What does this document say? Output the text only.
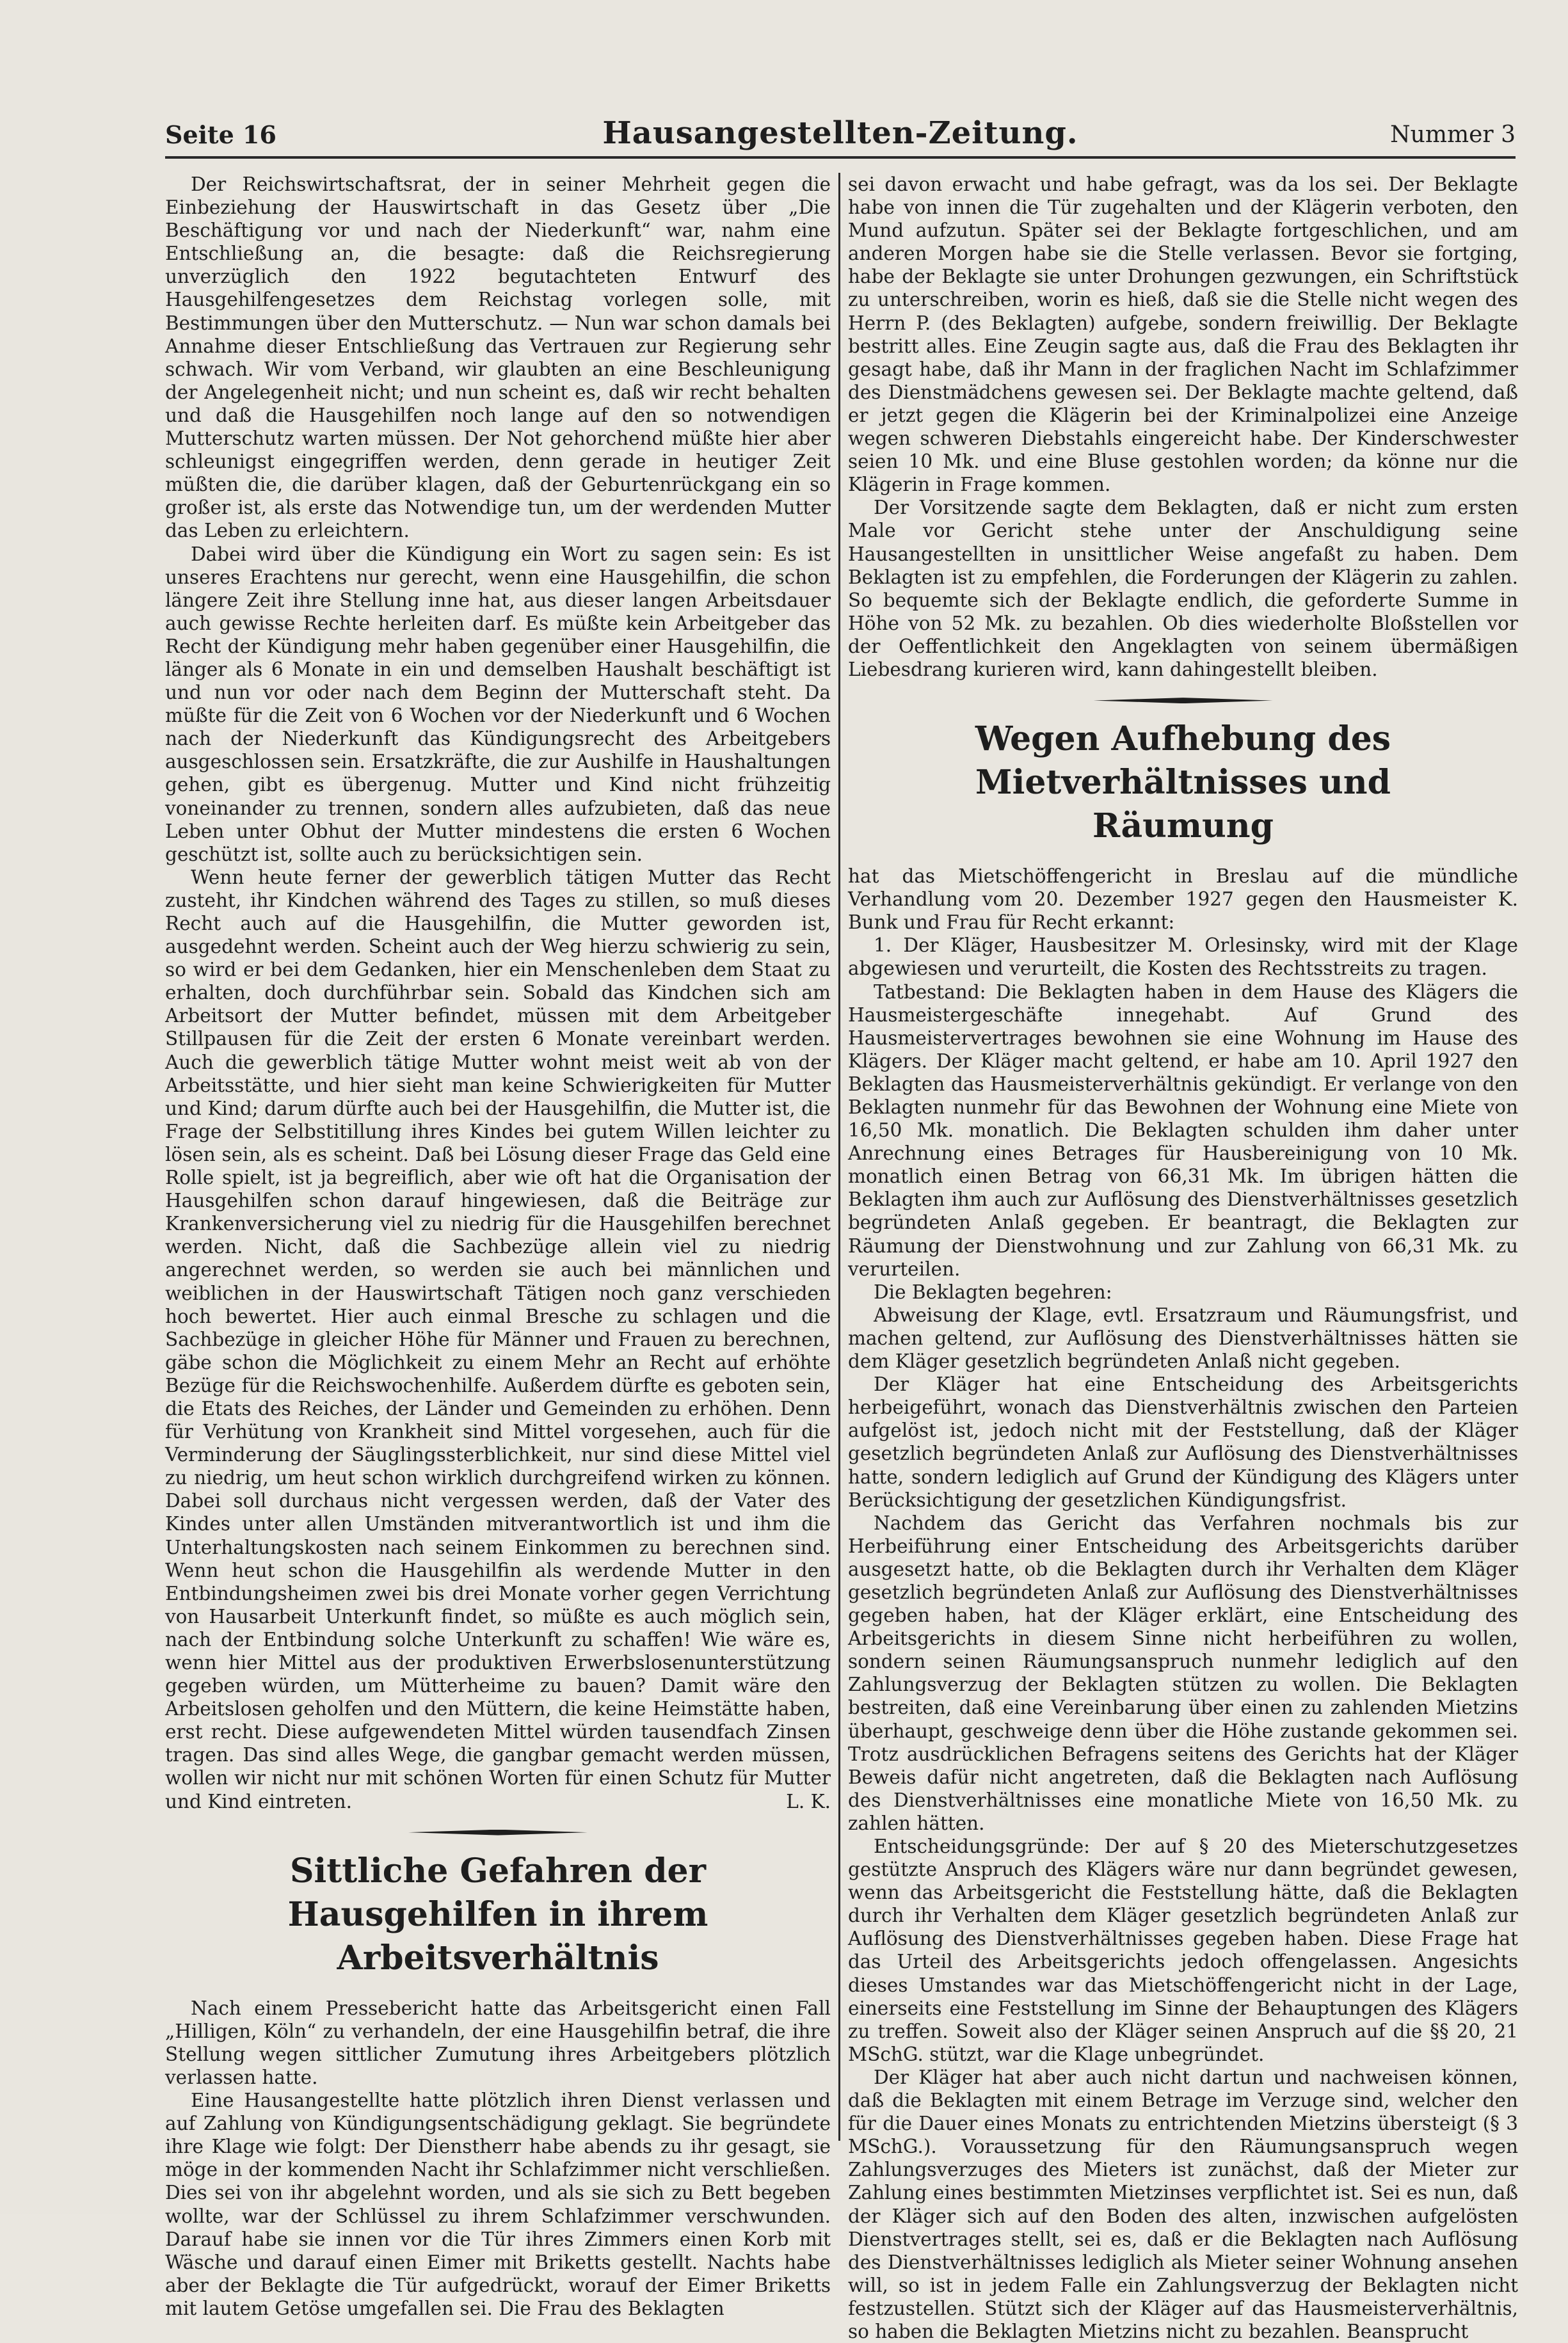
Seite 16	Hausangestellten-Zeitung.	Nummer 3

Der Reichswirtschaftsrat, der in seiner Mehrheit gegen die Einbeziehung der Hauswirtschaft in das Gesetz über „Die Beschäftigung vor und nach der Niederkunft“ war, nahm eine Entschließung an, die besagte: daß die Reichsregierung unverzüglich den 1922 begutachteten Entwurf des Hausgehilfengesetzes dem Reichstag vorlegen solle, mit Bestimmungen über den Mutterschutz. — Nun war schon damals bei Annahme dieser Entschließung das Vertrauen zur Regierung sehr schwach. Wir vom Verband, wir glaubten an eine Beschleunigung der Angelegenheit nicht; und nun scheint es, daß wir recht behalten und daß die Hausgehilfen noch lange auf den so notwendigen Mutterschutz warten müssen. Der Not gehorchend müßte hier aber schleunigst eingegriffen werden, denn gerade in heutiger Zeit müßten die, die darüber klagen, daß der Geburtenrückgang ein so großer ist, als erste das Notwendige tun, um der werdenden Mutter das Leben zu erleichtern.

Dabei wird über die Kündigung ein Wort zu sagen sein: Es ist unseres Erachtens nur gerecht, wenn eine Hausgehilfin, die schon längere Zeit ihre Stellung inne hat, aus dieser langen Arbeitsdauer auch gewisse Rechte herleiten darf. Es müßte kein Arbeitgeber das Recht der Kündigung mehr haben gegenüber einer Hausgehilfin, die länger als 6 Monate in ein und demselben Haushalt beschäftigt ist und nun vor oder nach dem Beginn der Mutterschaft steht. Da müßte für die Zeit von 6 Wochen vor der Niederkunft und 6 Wochen nach der Niederkunft das Kündigungsrecht des Arbeitgebers ausgeschlossen sein. Ersatzkräfte, die zur Aushilfe in Haushaltungen gehen, gibt es übergenug. Mutter und Kind nicht frühzeitig voneinander zu trennen, sondern alles aufzubieten, daß das neue Leben unter Obhut der Mutter mindestens die ersten 6 Wochen geschützt ist, sollte auch zu berücksichtigen sein.

Wenn heute ferner der gewerblich tätigen Mutter das Recht zusteht, ihr Kindchen während des Tages zu stillen, so muß dieses Recht auch auf die Hausgehilfin, die Mutter geworden ist, ausgedehnt werden. Scheint auch der Weg hierzu schwierig zu sein, so wird er bei dem Gedanken, hier ein Menschenleben dem Staat zu erhalten, doch durchführbar sein. Sobald das Kindchen sich am Arbeitsort der Mutter befindet, müssen mit dem Arbeitgeber Stillpausen für die Zeit der ersten 6 Monate vereinbart werden. Auch die gewerblich tätige Mutter wohnt meist weit ab von der Arbeitsstätte, und hier sieht man keine Schwierigkeiten für Mutter und Kind; darum dürfte auch bei der Hausgehilfin, die Mutter ist, die Frage der Selbstitillung ihres Kindes bei gutem Willen leichter zu lösen sein, als es scheint. Daß bei Lösung dieser Frage das Geld eine Rolle spielt, ist ja begreiflich, aber wie oft hat die Organisation der Hausgehilfen schon darauf hingewiesen, daß die Beiträge zur Krankenversicherung viel zu niedrig für die Hausgehilfen berechnet werden. Nicht, daß die Sachbezüge allein viel zu niedrig angerechnet werden, so werden sie auch bei männlichen und weiblichen in der Hauswirtschaft Tätigen noch ganz verschieden hoch bewertet. Hier auch einmal Bresche zu schlagen und die Sachbezüge in gleicher Höhe für Männer und Frauen zu berechnen, gäbe schon die Möglichkeit zu einem Mehr an Recht auf erhöhte Bezüge für die Reichswochenhilfe. Außerdem dürfte es geboten sein, die Etats des Reiches, der Länder und Gemeinden zu erhöhen. Denn für Verhütung von Krankheit sind Mittel vorgesehen, auch für die Verminderung der Säuglingssterblichkeit, nur sind diese Mittel viel zu niedrig, um heut schon wirklich durchgreifend wirken zu können. Dabei soll durchaus nicht vergessen werden, daß der Vater des Kindes unter allen Umständen mitverantwortlich ist und ihm die Unterhaltungskosten nach seinem Einkommen zu berechnen sind. Wenn heut schon die Hausgehilfin als werdende Mutter in den Entbindungsheimen zwei bis drei Monate vorher gegen Verrichtung von Hausarbeit Unterkunft findet, so müßte es auch möglich sein, nach der Entbindung solche Unterkunft zu schaffen! Wie wäre es, wenn hier Mittel aus der produktiven Erwerbslosenunterstützung gegeben würden, um Mütterheime zu bauen? Damit wäre den Arbeitslosen geholfen und den Müttern, die keine Heimstätte haben, erst recht. Diese aufgewendeten Mittel würden tausendfach Zinsen tragen. Das sind alles Wege, die gangbar gemacht werden müssen, wollen wir nicht nur mit schönen Worten für einen Schutz für Mutter und Kind eintreten.	L. K.

Sittliche Gefahren der Hausgehilfen in ihrem
Arbeitsverhältnis

Nach einem Pressebericht hatte das Arbeitsgericht einen Fall „Hilligen, Köln“ zu verhandeln, der eine Hausgehilfin betraf, die ihre Stellung wegen sittlicher Zumutung ihres Arbeitgebers plötzlich verlassen hatte.

Eine Hausangestellte hatte plötzlich ihren Dienst verlassen und auf Zahlung von Kündigungsentschädigung geklagt. Sie begründete ihre Klage wie folgt: Der Dienstherr habe abends zu ihr gesagt, sie möge in der kommenden Nacht ihr Schlafzimmer nicht verschließen. Dies sei von ihr abgelehnt worden, und als sie sich zu Bett begeben wollte, war der Schlüssel zu ihrem Schlafzimmer verschwunden. Darauf habe sie innen vor die Tür ihres Zimmers einen Korb mit Wäsche und darauf einen Eimer mit Briketts gestellt. Nachts habe aber der Beklagte die Tür aufgedrückt, worauf der Eimer Briketts mit lautem Getöse umgefallen sei. Die Frau des Beklagten

sei davon erwacht und habe gefragt, was da los sei. Der Beklagte habe von innen die Tür zugehalten und der Klägerin verboten, den Mund aufzutun. Später sei der Beklagte fortgeschlichen, und am anderen Morgen habe sie die Stelle verlassen. Bevor sie fortging, habe der Beklagte sie unter Drohungen gezwungen, ein Schriftstück zu unterschreiben, worin es hieß, daß sie die Stelle nicht wegen des Herrn P. (des Beklagten) aufgebe, sondern freiwillig. Der Beklagte bestritt alles. Eine Zeugin sagte aus, daß die Frau des Beklagten ihr gesagt habe, daß ihr Mann in der fraglichen Nacht im Schlafzimmer des Dienstmädchens gewesen sei. Der Beklagte machte geltend, daß er jetzt gegen die Klägerin bei der Kriminalpolizei eine Anzeige wegen schweren Diebstahls eingereicht habe. Der Kinderschwester seien 10 Mk. und eine Bluse gestohlen worden; da könne nur die Klägerin in Frage kommen.

Der Vorsitzende sagte dem Beklagten, daß er nicht zum ersten Male vor Gericht stehe unter der Anschuldigung seine Hausangestellten in unsittlicher Weise angefaßt zu haben. Dem Beklagten ist zu empfehlen, die Forderungen der Klägerin zu zahlen. So bequemte sich der Beklagte endlich, die geforderte Summe in Höhe von 52 Mk. zu bezahlen. Ob dies wiederholte Bloßstellen vor der Oeffentlichkeit den Angeklagten von seinem übermäßigen Liebesdrang kurieren wird, kann dahingestellt bleiben.

Wegen Aufhebung des Mietverhältnisses und
Räumung

hat das Mietschöffengericht in Breslau auf die mündliche Verhandlung vom 20. Dezember 1927 gegen den Hausmeister K. Bunk und Frau für Recht erkannt:

1. Der Kläger, Hausbesitzer M. Orlesinsky, wird mit der Klage abgewiesen und verurteilt, die Kosten des Rechtsstreits zu tragen.

Tatbestand: Die Beklagten haben in dem Hause des Klägers die Hausmeistergeschäfte innegehabt. Auf Grund des Hausmeistervertrages bewohnen sie eine Wohnung im Hause des Klägers. Der Kläger macht geltend, er habe am 10. April 1927 den Beklagten das Hausmeisterverhältnis gekündigt. Er verlange von den Beklagten nunmehr für das Bewohnen der Wohnung eine Miete von 16,50 Mk. monatlich. Die Beklagten schulden ihm daher unter Anrechnung eines Betrages für Hausbereinigung von 10 Mk. monatlich einen Betrag von 66,31 Mk. Im übrigen hätten die Beklagten ihm auch zur Auflösung des Dienstverhältnisses gesetzlich begründeten Anlaß gegeben. Er beantragt, die Beklagten zur Räumung der Dienstwohnung und zur Zahlung von 66,31 Mk. zu verurteilen.

Die Beklagten begehren:

Abweisung der Klage, evtl. Ersatzraum und Räumungsfrist, und machen geltend, zur Auflösung des Dienstverhältnisses hätten sie dem Kläger gesetzlich begründeten Anlaß nicht gegeben.

Der Kläger hat eine Entscheidung des Arbeitsgerichts herbeigeführt, wonach das Dienstverhältnis zwischen den Parteien aufgelöst ist, jedoch nicht mit der Feststellung, daß der Kläger gesetzlich begründeten Anlaß zur Auflösung des Dienstverhältnisses hatte, sondern lediglich auf Grund der Kündigung des Klägers unter Berücksichtigung der gesetzlichen Kündigungsfrist.

Nachdem das Gericht das Verfahren nochmals bis zur Herbeiführung einer Entscheidung des Arbeitsgerichts darüber ausgesetzt hatte, ob die Beklagten durch ihr Verhalten dem Kläger gesetzlich begründeten Anlaß zur Auflösung des Dienstverhältnisses gegeben haben, hat der Kläger erklärt, eine Entscheidung des Arbeitsgerichts in diesem Sinne nicht herbeiführen zu wollen, sondern seinen Räumungsanspruch nunmehr lediglich auf den Zahlungsverzug der Beklagten stützen zu wollen. Die Beklagten bestreiten, daß eine Vereinbarung über einen zu zahlenden Mietzins überhaupt, geschweige denn über die Höhe zustande gekommen sei. Trotz ausdrücklichen Befragens seitens des Gerichts hat der Kläger Beweis dafür nicht angetreten, daß die Beklagten nach Auflösung des Dienstverhältnisses eine monatliche Miete von 16,50 Mk. zu zahlen hätten.

Entscheidungsgründe: Der auf § 20 des Mieterschutzgesetzes gestützte Anspruch des Klägers wäre nur dann begründet gewesen, wenn das Arbeitsgericht die Feststellung hätte, daß die Beklagten durch ihr Verhalten dem Kläger gesetzlich begründeten Anlaß zur Auflösung des Dienstverhältnisses gegeben haben. Diese Frage hat das Urteil des Arbeitsgerichts jedoch offengelassen. Angesichts dieses Umstandes war das Mietschöffengericht nicht in der Lage, einerseits eine Feststellung im Sinne der Behauptungen des Klägers zu treffen. Soweit also der Kläger seinen Anspruch auf die §§ 20, 21 MSchG. stützt, war die Klage unbegründet.

Der Kläger hat aber auch nicht dartun und nachweisen können, daß die Beklagten mit einem Betrage im Verzuge sind, welcher den für die Dauer eines Monats zu entrichtenden Mietzins übersteigt (§ 3 MSchG.). Voraussetzung für den Räumungsanspruch wegen Zahlungsverzuges des Mieters ist zunächst, daß der Mieter zur Zahlung eines bestimmten Mietzinses verpflichtet ist. Sei es nun, daß der Kläger sich auf den Boden des alten, inzwischen aufgelösten Dienstvertrages stellt, sei es, daß er die Beklagten nach Auflösung des Dienstverhältnisses lediglich als Mieter seiner Wohnung ansehen will, so ist in jedem Falle ein Zahlungsverzug der Beklagten nicht festzustellen. Stützt sich der Kläger auf das Hausmeisterverhältnis, so haben die Beklagten Mietzins nicht zu bezahlen. Beansprucht
